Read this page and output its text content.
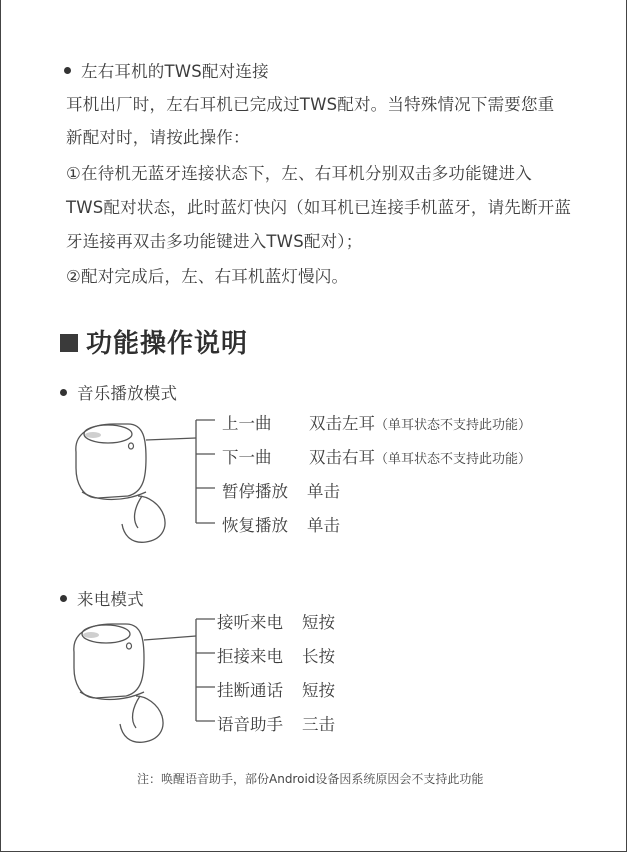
左右耳机的TWS配对连接
耳机出厂时，左右耳机已完成过TWS配对。当特殊情况下需要您重
新配对时，请按此操作：
①在待机无蓝牙连接状态下，左、右耳机分别双击多功能键进入
TWS配对状态，此时蓝灯快闪（如耳机已连接手机蓝牙，请先断开蓝
牙连接再双击多功能键进入TWS配对）；
②配对完成后，左、右耳机蓝灯慢闪。
功能操作说明
音乐播放模式
上一曲 双击左耳（单耳状态不支持此功能）
下一曲 双击右耳（单耳状态不支持此功能）
暂停播放 单击
恢复播放 单击
来电模式
接听来电 短按
拒接来电 长按
挂断通话 短按
语音助手 三击
注：唤醒语音助手，部份Android设备因系统原因会不支持此功能
